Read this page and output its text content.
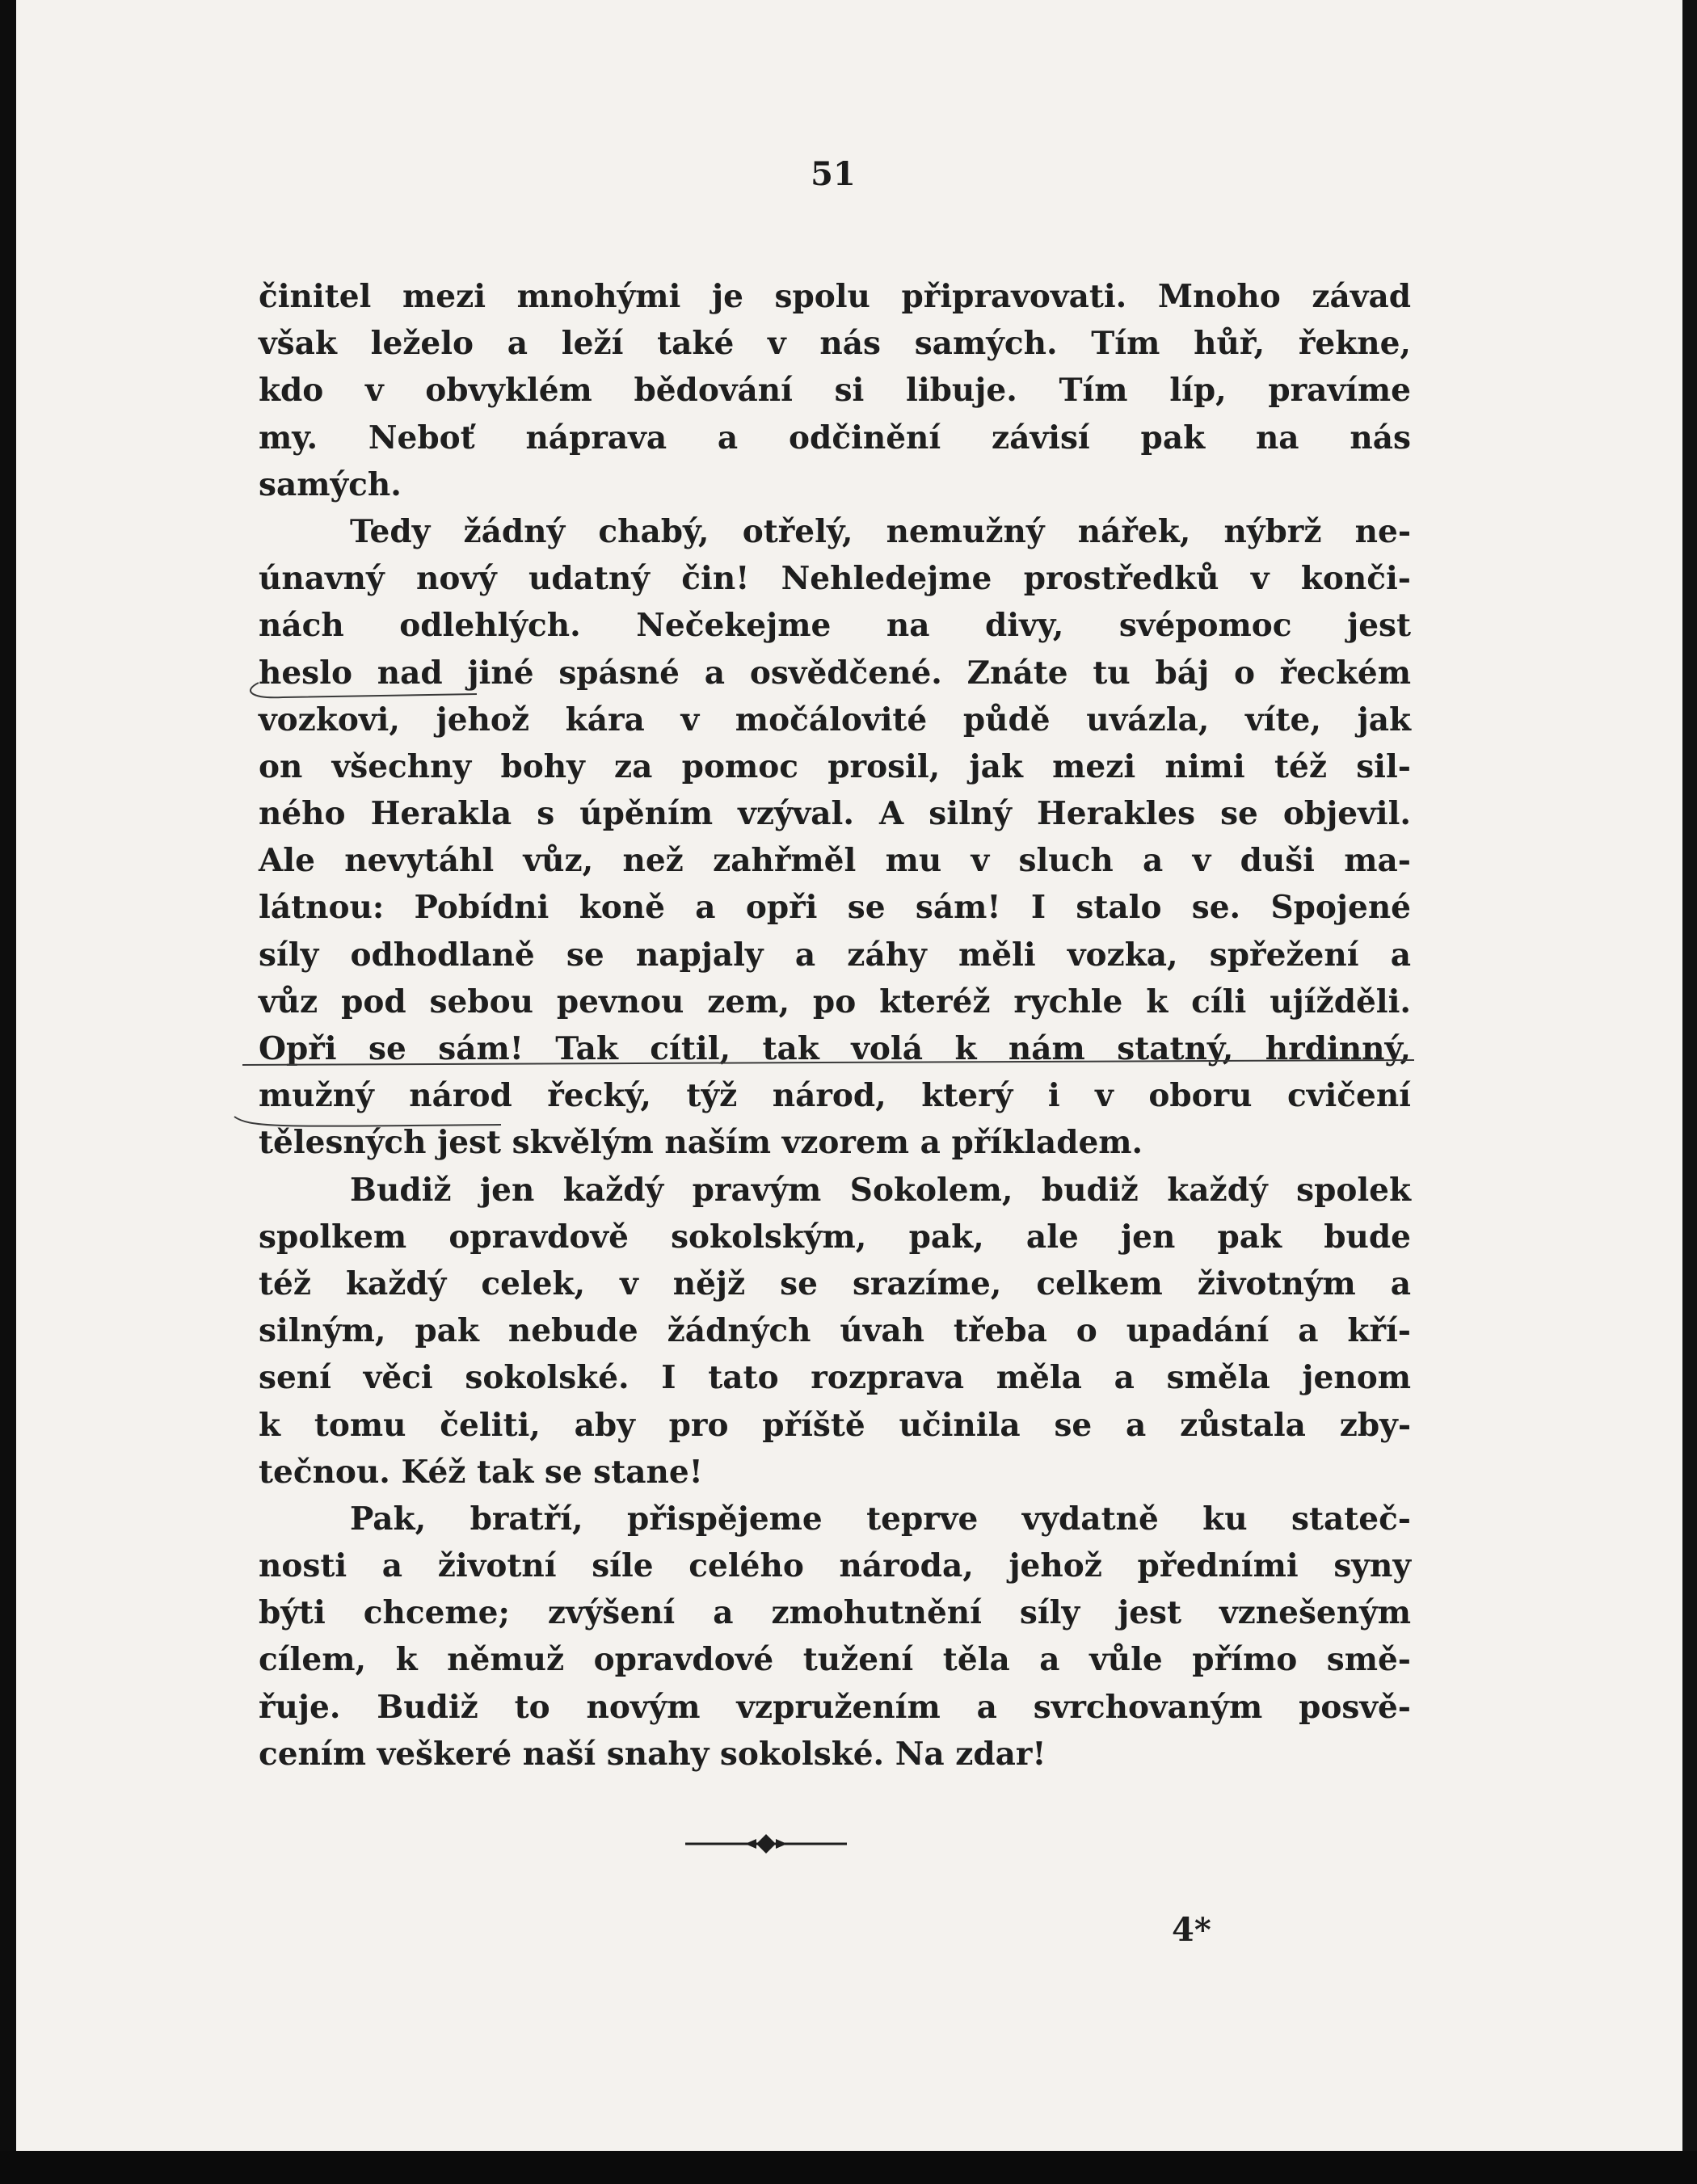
51
činitel mezi mnohými je spolu připravovati. Mnoho závad
však leželo a leží také v nás samých. Tím hůř, řekne,
kdo v obvyklém bědování si libuje. Tím líp, pravíme
my. Neboť náprava a odčinění závisí pak na nás
samých.
Tedy žádný chabý, otřelý, nemužný nářek, nýbrž ne-
únavný nový udatný čin! Nehledejme prostředků v konči-
nách odlehlých. Nečekejme na divy, svépomoc jest
heslo nad jiné spásné a osvědčené. Znáte tu báj o řeckém
vozkovi, jehož kára v močálovité půdě uvázla, víte, jak
on všechny bohy za pomoc prosil, jak mezi nimi též sil-
ného Herakla s úpěním vzýval. A silný Herakles se objevil.
Ale nevytáhl vůz, než zahřměl mu v sluch a v duši ma-
látnou: Pobídni koně a opři se sám! I stalo se. Spojené
síly odhodlaně se napjaly a záhy měli vozka, spřežení a
vůz pod sebou pevnou zem, po kteréž rychle k cíli ujížděli.
Opři se sám! Tak cítil, tak volá k nám statný, hrdinný,
mužný národ řecký, týž národ, který i v oboru cvičení
tělesných jest skvělým naším vzorem a příkladem.
Budiž jen každý pravým Sokolem, budiž každý spolek
spolkem opravdově sokolským, pak, ale jen pak bude
též každý celek, v nějž se srazíme, celkem životným a
silným, pak nebude žádných úvah třeba o upadání a kří-
sení věci sokolské. I tato rozprava měla a směla jenom
k tomu čeliti, aby pro příště učinila se a zůstala zby-
tečnou. Kéž tak se stane!
Pak, bratří, přispějeme teprve vydatně ku stateč-
nosti a životní síle celého národa, jehož předními syny
býti chceme; zvýšení a zmohutnění síly jest vznešeným
cílem, k němuž opravdové tužení těla a vůle přímo smě-
řuje. Budiž to novým vzpružením a svrchovaným posvě-
cením veškeré naší snahy sokolské. Na zdar!
4*
